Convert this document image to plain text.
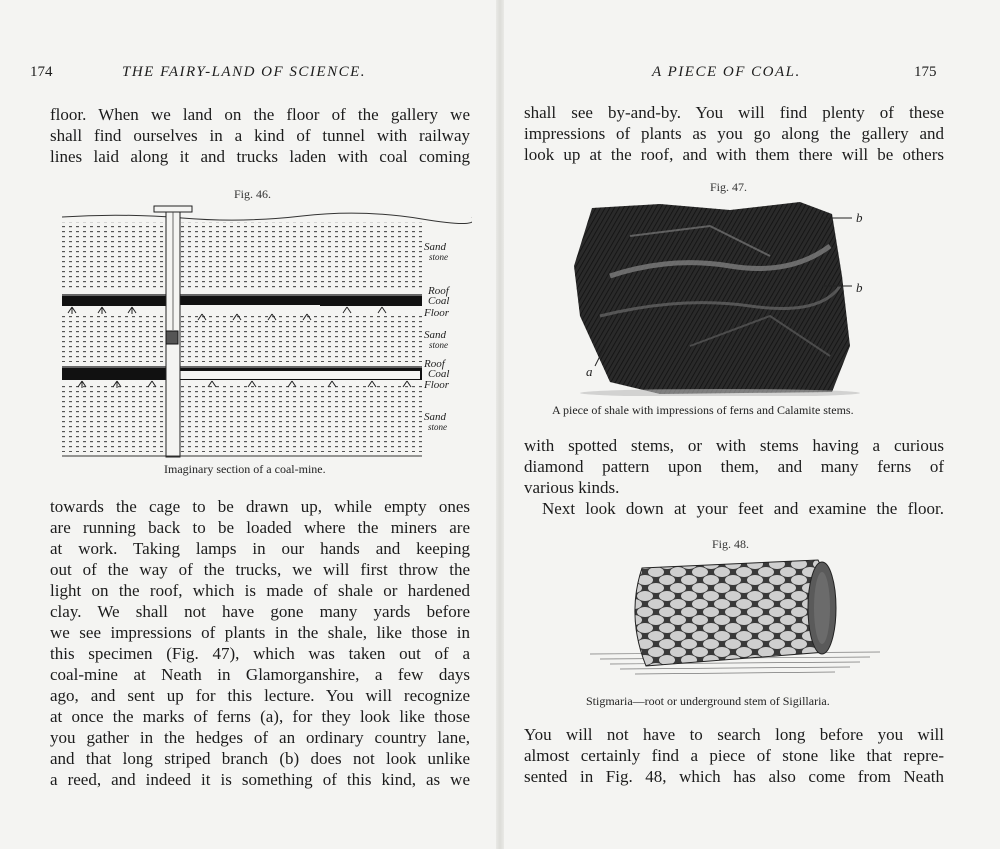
174	THE FAIRY-LAND OF SCIENCE.
floor. When we land on the floor of the gallery we
shall find ourselves in a kind of tunnel with railway
lines laid along it and trucks laden with coal coming
Fig. 46.
Sand
stone
Roof
Coal
Floor
Sand
stone
Roof
Coal
Floor
Sand
stone
Imaginary section of a coal-mine.
towards the cage to be drawn up, while empty ones
are running back to be loaded where the miners are
at work. Taking lamps in our hands and keeping
out of the way of the trucks, we will first throw the
light on the roof, which is made of shale or hardened
clay. We shall not have gone many yards before
we see impressions of plants in the shale, like those in
this specimen (Fig. 47), which was taken out of a
coal-mine at Neath in Glamorganshire, a few days
ago, and sent up for this lecture. You will recognize
at once the marks of ferns (a), for they look like those
you gather in the hedges of an ordinary country lane,
and that long striped branch (b) does not look unlike
a reed, and indeed it is something of this kind, as we
A PIECE OF COAL.	175
shall see by-and-by. You will find plenty of these
impressions of plants as you go along the gallery and
look up at the roof, and with them there will be others
Fig. 47.
b
b
a
A piece of shale with impressions of ferns and Calamite stems.
with spotted stems, or with stems having a curious
diamond pattern upon them, and many ferns of
various kinds.
Next look down at your feet and examine the floor.
Fig. 48.
Stigmaria—root or underground stem of Sigillaria.
You will not have to search long before you will
almost certainly find a piece of stone like that repre-
sented in Fig. 48, which has also come from Neath
